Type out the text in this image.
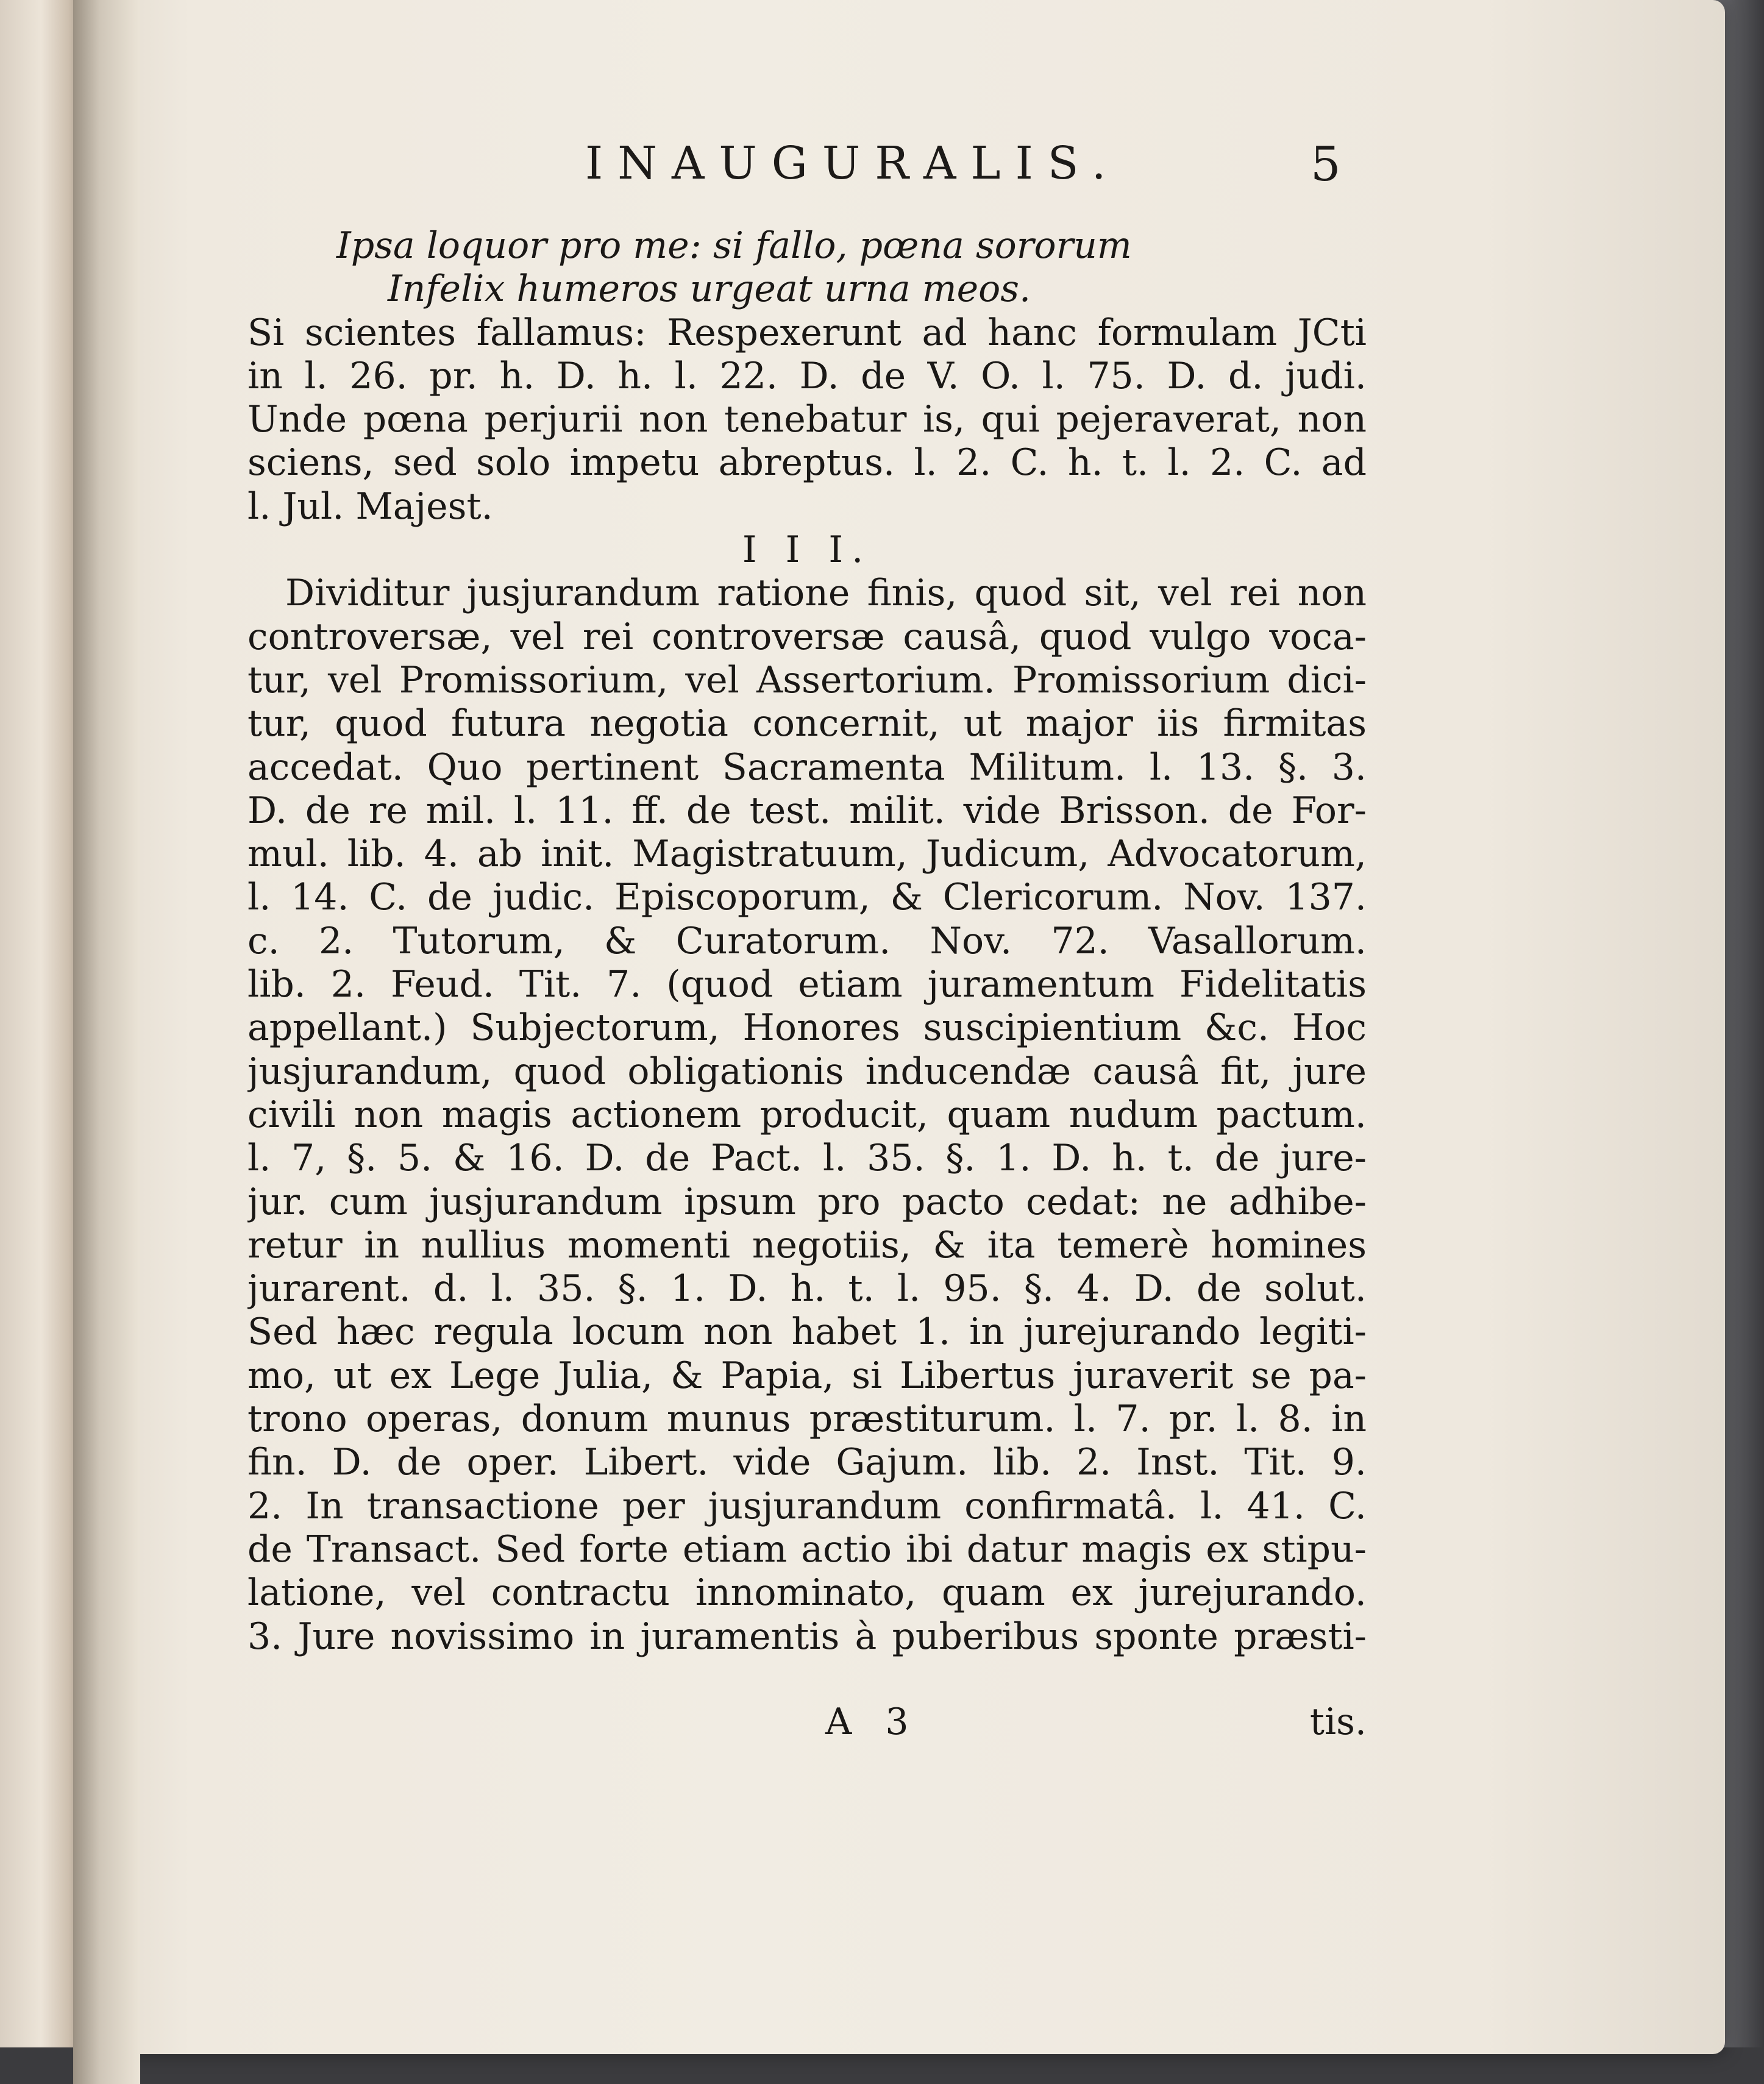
INAUGURALIS.	5
Ipsa loquor pro me: si fallo, pœna sororum
Infelix humeros urgeat urna meos.
Si scientes fallamus: Respexerunt ad hanc formulam JCti
in l. 26. pr. h. D. h. l. 22. D. de V. O. l. 75. D. d. judi.
Unde pœna perjurii non tenebatur is, qui pejeraverat, non
sciens, sed solo impetu abreptus. l. 2. C. h. t. l. 2. C. ad
l. Jul. Majest.
I I I.
Dividitur jusjurandum ratione finis, quod sit, vel rei non
controversæ, vel rei controversæ causâ, quod vulgo voca-
tur, vel Promissorium, vel Assertorium. Promissorium dici-
tur, quod futura negotia concernit, ut major iis firmitas
accedat. Quo pertinent Sacramenta Militum. l. 13. §. 3.
D. de re mil. l. 11. ff. de test. milit. vide Brisson. de For-
mul. lib. 4. ab init. Magistratuum, Judicum, Advocatorum,
l. 14. C. de judic. Episcoporum, & Clericorum. Nov. 137.
c. 2. Tutorum, & Curatorum. Nov. 72. Vasallorum.
lib. 2. Feud. Tit. 7. (quod etiam juramentum Fidelitatis
appellant.) Subjectorum, Honores suscipientium &c. Hoc
jusjurandum, quod obligationis inducendæ causâ fit, jure
civili non magis actionem producit, quam nudum pactum.
l. 7, §. 5. & 16. D. de Pact. l. 35. §. 1. D. h. t. de jure-
jur. cum jusjurandum ipsum pro pacto cedat: ne adhibe-
retur in nullius momenti negotiis, & ita temerè homines
jurarent. d. l. 35. §. 1. D. h. t. l. 95. §. 4. D. de solut.
Sed hæc regula locum non habet 1. in jurejurando legiti-
mo, ut ex Lege Julia, & Papia, si Libertus juraverit se pa-
trono operas, donum munus præstiturum. l. 7. pr. l. 8. in
fin. D. de oper. Libert. vide Gajum. lib. 2. Inst. Tit. 9.
2. In transactione per jusjurandum confirmatâ. l. 41. C.
de Transact. Sed forte etiam actio ibi datur magis ex stipu-
latione, vel contractu innominato, quam ex jurejurando.
3. Jure novissimo in juramentis à puberibus sponte præsti-
A 3	tis.
